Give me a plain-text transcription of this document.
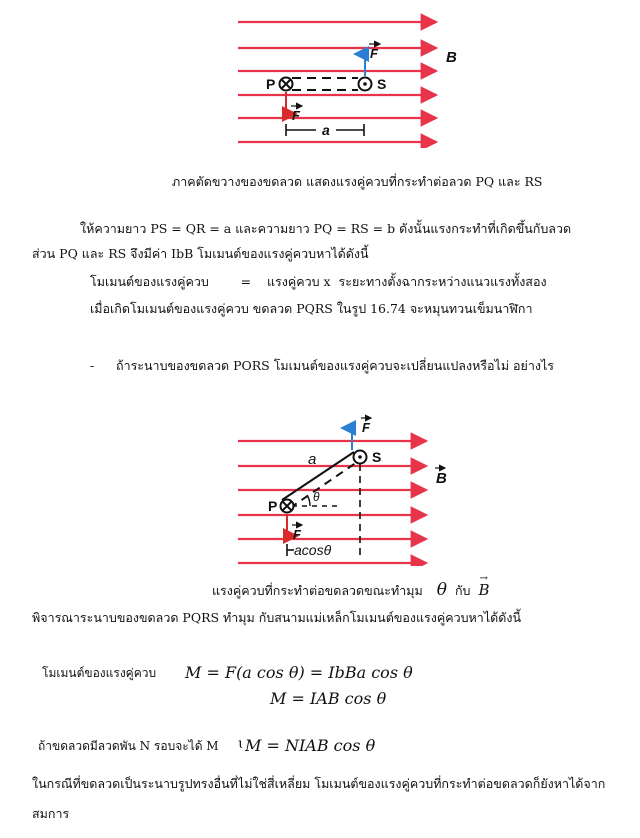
P	S
F
F
B
a
ภาคตัดขวางของขดลวด แสดงแรงคู่ควบที่กระทำต่อลวด PQ และ RS
ให้ความยาว PS = QR = a และความยาว PQ = RS = b ดังนั้นแรงกระทำที่เกิดขึ้นกับลวด
ส่วน PQ และ RS จึงมีค่า IbB โมเมนต์ของแรงคู่ควบหาได้ดังนี้
โมเมนต์ของแรงคู่ควบ        =    แรงคู่ควบ x  ระยะทางตั้งฉากระหว่างแนวแรงทั้งสอง
เมื่อเกิดโมเมนต์ของแรงคู่ควบ ขดลวด PQRS ในรูป 16.74 จะหมุนทวนเข็มนาฬิกา
- ถ้าระนาบของขดลวด PORS โมเมนต์ของแรงคู่ควบจะเปลี่ยนแปลงหรือไม่ อย่างไร
P
S
F
F
B
a
θ
acosθ
แรงคู่ควบที่กระทำต่อขดลวดขณะทำมุม θ กับ
→
B
พิจารณาระนาบของขดลวด PQRS ทำมุม กับสนามแม่เหล็กโมเมนต์ของแรงคู่ควบหาได้ดังนี้
โมเมนต์ของแรงคู่ควบ M = F(a cos θ) = IbBa cos θ
M = IAB cos θ
ถ้าขดลวดมีลวดพัน N รอบจะได้ M ɩ M = NIAB cos θ
ในกรณีที่ขดลวดเป็นระนาบรูปทรงอื่นที่ไม่ใช่สี่เหลี่ยม โมเมนต์ของแรงคู่ควบที่กระทำต่อขดลวดก็ยังหาได้จาก
สมการ
